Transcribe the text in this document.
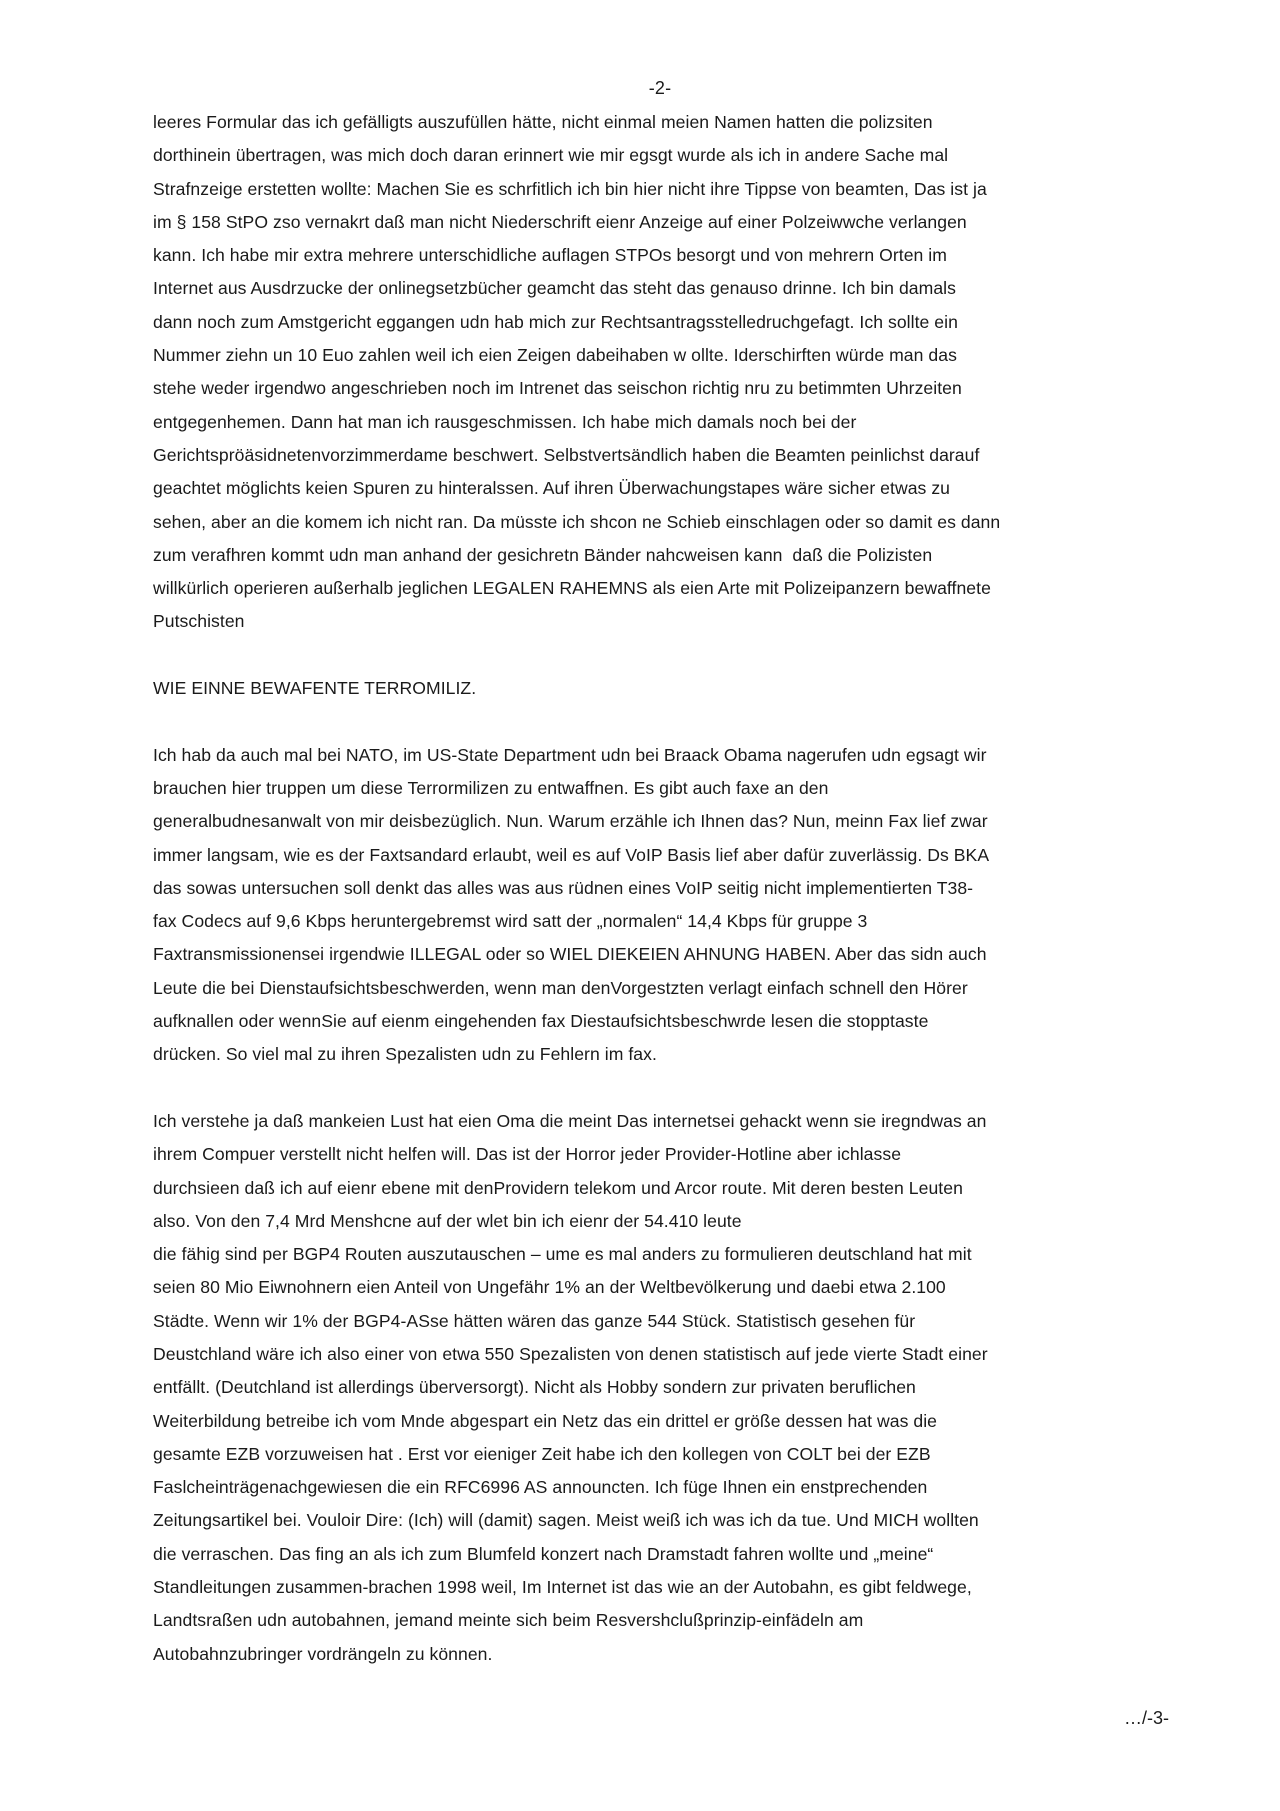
-2-
leeres Formular das ich gefälligts auszufüllen hätte, nicht einmal meien Namen hatten die polizsiten
dorthinein übertragen, was mich doch daran erinnert wie mir egsgt wurde als ich in andere Sache mal
Strafnzeige erstetten wollte: Machen Sie es schrfitlich ich bin hier nicht ihre Tippse von beamten, Das ist ja
im § 158 StPO zso vernakrt daß man nicht Niederschrift eienr Anzeige auf einer Polzeiwwche verlangen
kann. Ich habe mir extra mehrere unterschidliche auflagen STPOs besorgt und von mehrern Orten im
Internet aus Ausdrzucke der onlinegsetzbücher geamcht das steht das genauso drinne. Ich bin damals
dann noch zum Amstgericht eggangen udn hab mich zur Rechtsantragsstelledruchgefagt. Ich sollte ein
Nummer ziehn un 10 Euo zahlen weil ich eien Zeigen dabeihaben w ollte. Iderschirften würde man das
stehe weder irgendwo angeschrieben noch im Intrenet das seischon richtig nru zu betimmten Uhrzeiten
entgegenhemen. Dann hat man ich rausgeschmissen. Ich habe mich damals noch bei der
Gerichtspröäsidnetenvorzimmerdame beschwert. Selbstvertsändlich haben die Beamten peinlichst darauf
geachtet möglichts keien Spuren zu hinteralssen. Auf ihren Überwachungstapes wäre sicher etwas zu
sehen, aber an die komem ich nicht ran. Da müsste ich shcon ne Schieb einschlagen oder so damit es dann
zum verafhren kommt udn man anhand der gesichretn Bänder nahcweisen kann  daß die Polizisten
willkürlich operieren außerhalb jeglichen LEGALEN RAHEMNS als eien Arte mit Polizeipanzern bewaffnete
Putschisten
WIE EINNE BEWAFENTE TERROMILIZ.
Ich hab da auch mal bei NATO, im US-State Department udn bei Braack Obama nagerufen udn egsagt wir
brauchen hier truppen um diese Terrormilizen zu entwaffnen. Es gibt auch faxe an den
generalbudnesanwalt von mir deisbezüglich. Nun. Warum erzähle ich Ihnen das? Nun, meinn Fax lief zwar
immer langsam, wie es der Faxtsandard erlaubt, weil es auf VoIP Basis lief aber dafür zuverlässig. Ds BKA
das sowas untersuchen soll denkt das alles was aus rüdnen eines VoIP seitig nicht implementierten T38-
fax Codecs auf 9,6 Kbps heruntergebremst wird satt der „normalen“ 14,4 Kbps für gruppe 3
Faxtransmissionensei irgendwie ILLEGAL oder so WIEL DIEKEIEN AHNUNG HABEN. Aber das sidn auch
Leute die bei Dienstaufsichtsbeschwerden, wenn man denVorgestzten verlagt einfach schnell den Hörer
aufknallen oder wennSie auf eienm eingehenden fax Diestaufsichtsbeschwrde lesen die stopptaste
drücken. So viel mal zu ihren Spezalisten udn zu Fehlern im fax.
Ich verstehe ja daß mankeien Lust hat eien Oma die meint Das internetsei gehackt wenn sie iregndwas an
ihrem Compuer verstellt nicht helfen will. Das ist der Horror jeder Provider-Hotline aber ichlasse
durchsieen daß ich auf eienr ebene mit denProvidern telekom und Arcor route. Mit deren besten Leuten
also. Von den 7,4 Mrd Menshcne auf der wlet bin ich eienr der 54.410 leute
die fähig sind per BGP4 Routen auszutauschen – ume es mal anders zu formulieren deutschland hat mit
seien 80 Mio Eiwnohnern eien Anteil von Ungefähr 1% an der Weltbevölkerung und daebi etwa 2.100
Städte. Wenn wir 1% der BGP4-ASse hätten wären das ganze 544 Stück. Statistisch gesehen für
Deustchland wäre ich also einer von etwa 550 Spezalisten von denen statistisch auf jede vierte Stadt einer
entfällt. (Deutchland ist allerdings überversorgt). Nicht als Hobby sondern zur privaten beruflichen
Weiterbildung betreibe ich vom Mnde abgespart ein Netz das ein drittel er größe dessen hat was die
gesamte EZB vorzuweisen hat . Erst vor eieniger Zeit habe ich den kollegen von COLT bei der EZB
Faslcheinträgenachgewiesen die ein RFC6996 AS announcten. Ich füge Ihnen ein enstprechenden
Zeitungsartikel bei. Vouloir Dire: (Ich) will (damit) sagen. Meist weiß ich was ich da tue. Und MICH wollten
die verraschen. Das fing an als ich zum Blumfeld konzert nach Dramstadt fahren wollte und „meine“
Standleitungen zusammen-brachen 1998 weil, Im Internet ist das wie an der Autobahn, es gibt feldwege,
Landtsraßen udn autobahnen, jemand meinte sich beim Resvershclußprinzip-einfädeln am
Autobahnzubringer vordrängeln zu können.
…/-3-
